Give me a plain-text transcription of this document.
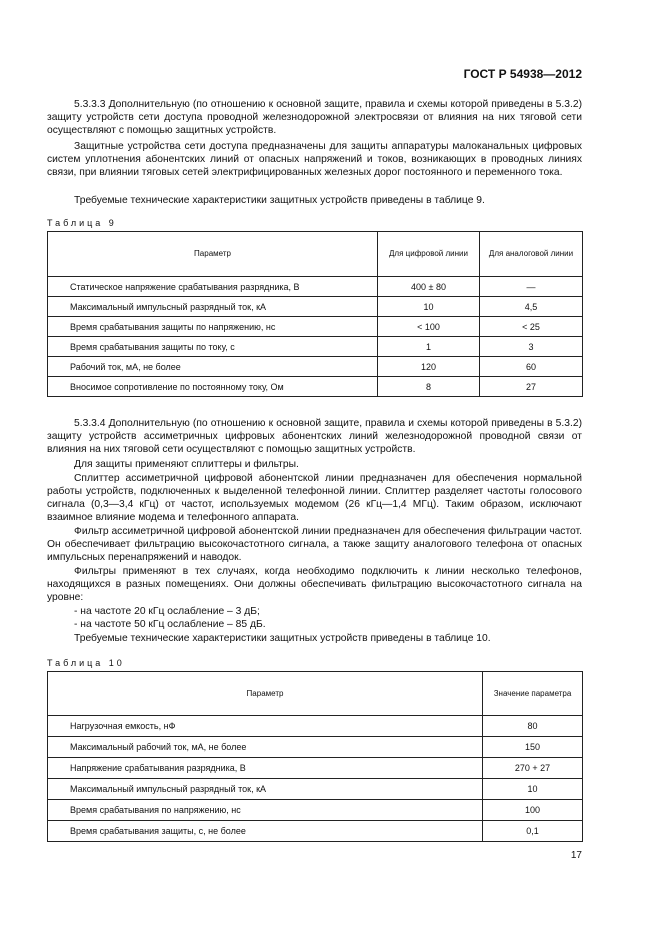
ГОСТ Р 54938—2012

5.3.3.3 Дополнительную (по отношению к основной защите, правила и схемы которой приведены в 5.3.2) защиту устройств сети доступа проводной железнодорожной электросвязи от влияния на них тяговой сети осуществляют с помощью защитных устройств.

Защитные устройства сети доступа предназначены для защиты аппаратуры малоканальных цифровых систем уплотнения абонентских линий от опасных напряжений и токов, возникающих в проводных линиях связи, при влиянии тяговых сетей электрифицированных железных дорог постоянного и переменного тока.

Требуемые технические характеристики защитных устройств приведены в таблице 9.

Таблица 9
Параметр	Для цифровой линии	Для аналоговой линии
Статическое напряжение срабатывания разрядника, В	400 ± 80	—
Максимальный импульсный разрядный ток, кА	10	4,5
Время срабатывания защиты по напряжению, нс	< 100	< 25
Время срабатывания защиты по току, с	1	3
Рабочий ток, мА, не более	120	60
Вносимое сопротивление по постоянному току, Ом	8	27

5.3.3.4 Дополнительную (по отношению к основной защите, правила и схемы которой приведены в 5.3.2) защиту устройств ассиметричных цифровых абонентских линий железнодорожной проводной связи от влияния на них тяговой сети осуществляют с помощью защитных устройств.

Для защиты применяют сплиттеры и фильтры.

Сплиттер ассиметричной цифровой абонентской линии предназначен для обеспечения нормальной работы устройств, подключенных к выделенной телефонной линии. Сплиттер разделяет частоты голосового сигнала (0,3—3,4 кГц) от частот, используемых модемом (26 кГц—1,4 МГц). Таким образом, исключают взаимное влияние модема и телефонного аппарата.

Фильтр ассиметричной цифровой абонентской линии предназначен для обеспечения фильтрации частот. Он обеспечивает фильтрацию высокочастотного сигнала, а также защиту аналогового телефона от опасных импульсных перенапряжений и наводок.

Фильтры применяют в тех случаях, когда необходимо подключить к линии несколько телефонов, находящихся в разных помещениях. Они должны обеспечивать фильтрацию высокочастотного сигнала на уровне:

- на частоте 20 кГц ослабление – 3 дБ;

- на частоте 50 кГц ослабление – 85 дБ.

Требуемые технические характеристики защитных устройств приведены в таблице 10.

Таблица 10
Параметр	Значение параметра
Нагрузочная емкость, нФ	80
Максимальный рабочий ток, мА, не более	150
Напряжение срабатывания разрядника, В	270 + 27
Максимальный импульсный разрядный ток, кА	10
Время срабатывания по напряжению, нс	100
Время срабатывания защиты, с, не более	0,1
17
